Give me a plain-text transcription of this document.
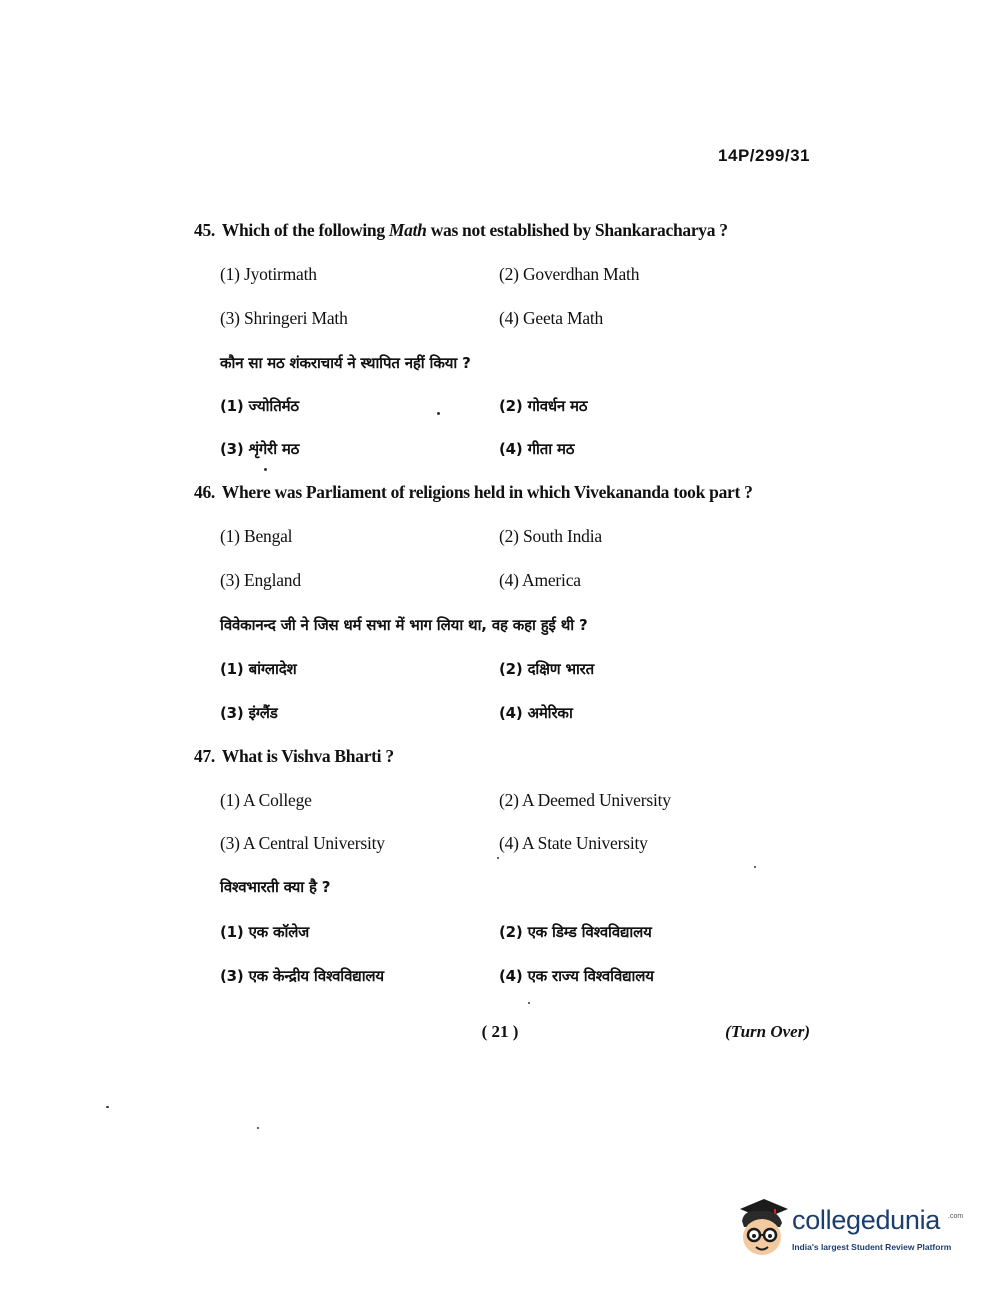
14P/299/31
45. Which of the following Math was not established by Shankaracharya ?
(1) Jyotirmath	(2) Goverdhan Math
(3) Shringeri Math	(4) Geeta Math
कौन सा मठ शंकराचार्य ने स्थापित नहीं किया ?
(1) ज्योतिर्मठ	(2) गोवर्धन मठ
(3) शृंगेरी मठ	(4) गीता मठ
46. Where was Parliament of religions held in which Vivekananda took part ?
(1) Bengal	(2) South India
(3) England	(4) America
विवेकानन्द जी ने जिस धर्म सभा में भाग लिया था, वह कहा हुई थी ?
(1) बांग्लादेश	(2) दक्षिण भारत
(3) इंग्लैंड	(4) अमेरिका
47. What is Vishva Bharti ?
(1) A College	(2) A Deemed University
(3) A Central University	(4) A State University
विश्वभारती क्या है ?
(1) एक कॉलेज	(2) एक डिम्ड विश्वविद्यालय
(3) एक केन्द्रीय विश्वविद्यालय	(4) एक राज्य विश्वविद्यालय
( 21 )	(Turn Over)
collegedunia .com
India's largest Student Review Platform
